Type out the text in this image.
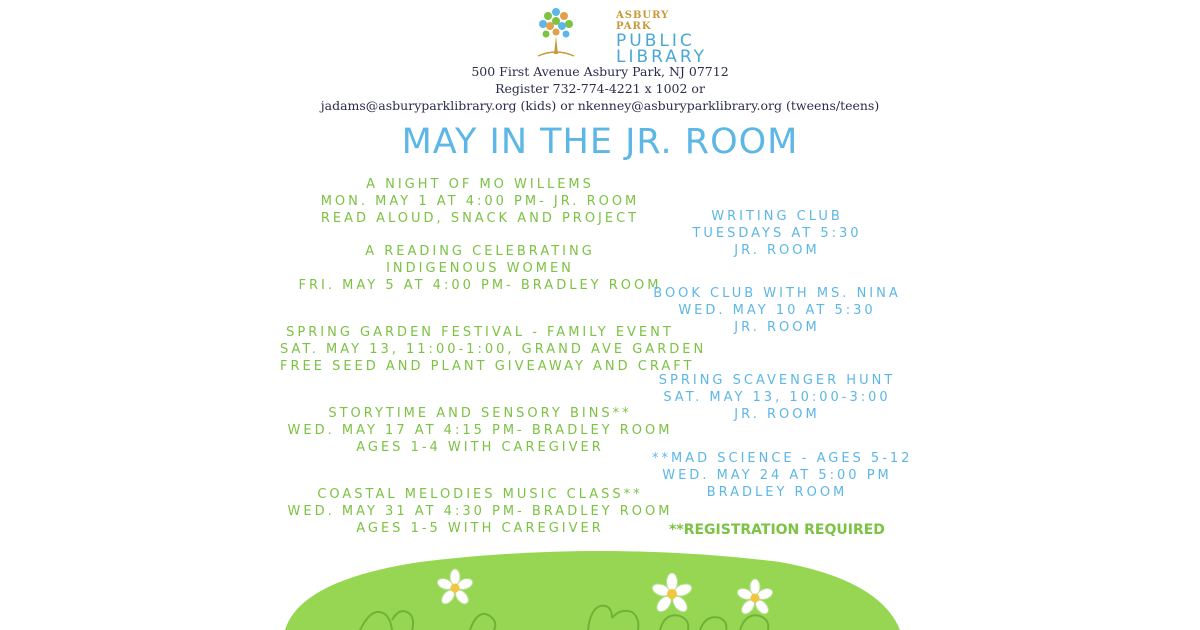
ASBURY PARK
PUBLIC
LIBRARY
500 First Avenue Asbury Park, NJ 07712
Register 732-774-4221 x 1002 or
jadams@asburyparklibrary.org (kids) or nkenney@asburyparklibrary.org (tweens/teens)
MAY IN THE JR. ROOM
A NIGHT OF MO WILLEMS
MON. MAY 1 AT 4:00 PM- JR. ROOM
READ ALOUD, SNACK AND PROJECT
A READING CELEBRATING
INDIGENOUS WOMEN
FRI. MAY 5 AT 4:00 PM- BRADLEY ROOM
SPRING GARDEN FESTIVAL - FAMILY EVENT
SAT. MAY 13, 11:00-1:00, GRAND AVE GARDEN
FREE SEED AND PLANT GIVEAWAY AND CRAFT
STORYTIME AND SENSORY BINS**
WED. MAY 17 AT 4:15 PM- BRADLEY ROOM
AGES 1-4 WITH CAREGIVER
COASTAL MELODIES MUSIC CLASS**
WED. MAY 31 AT 4:30 PM- BRADLEY ROOM
AGES 1-5 WITH CAREGIVER
WRITING CLUB
TUESDAYS AT 5:30
JR. ROOM
BOOK CLUB WITH MS. NINA
WED. MAY 10 AT 5:30
JR. ROOM
SPRING SCAVENGER HUNT
SAT. MAY 13, 10:00-3:00
JR. ROOM
**MAD SCIENCE - AGES 5-12
WED. MAY 24 AT 5:00 PM
BRADLEY ROOM
**REGISTRATION REQUIRED
